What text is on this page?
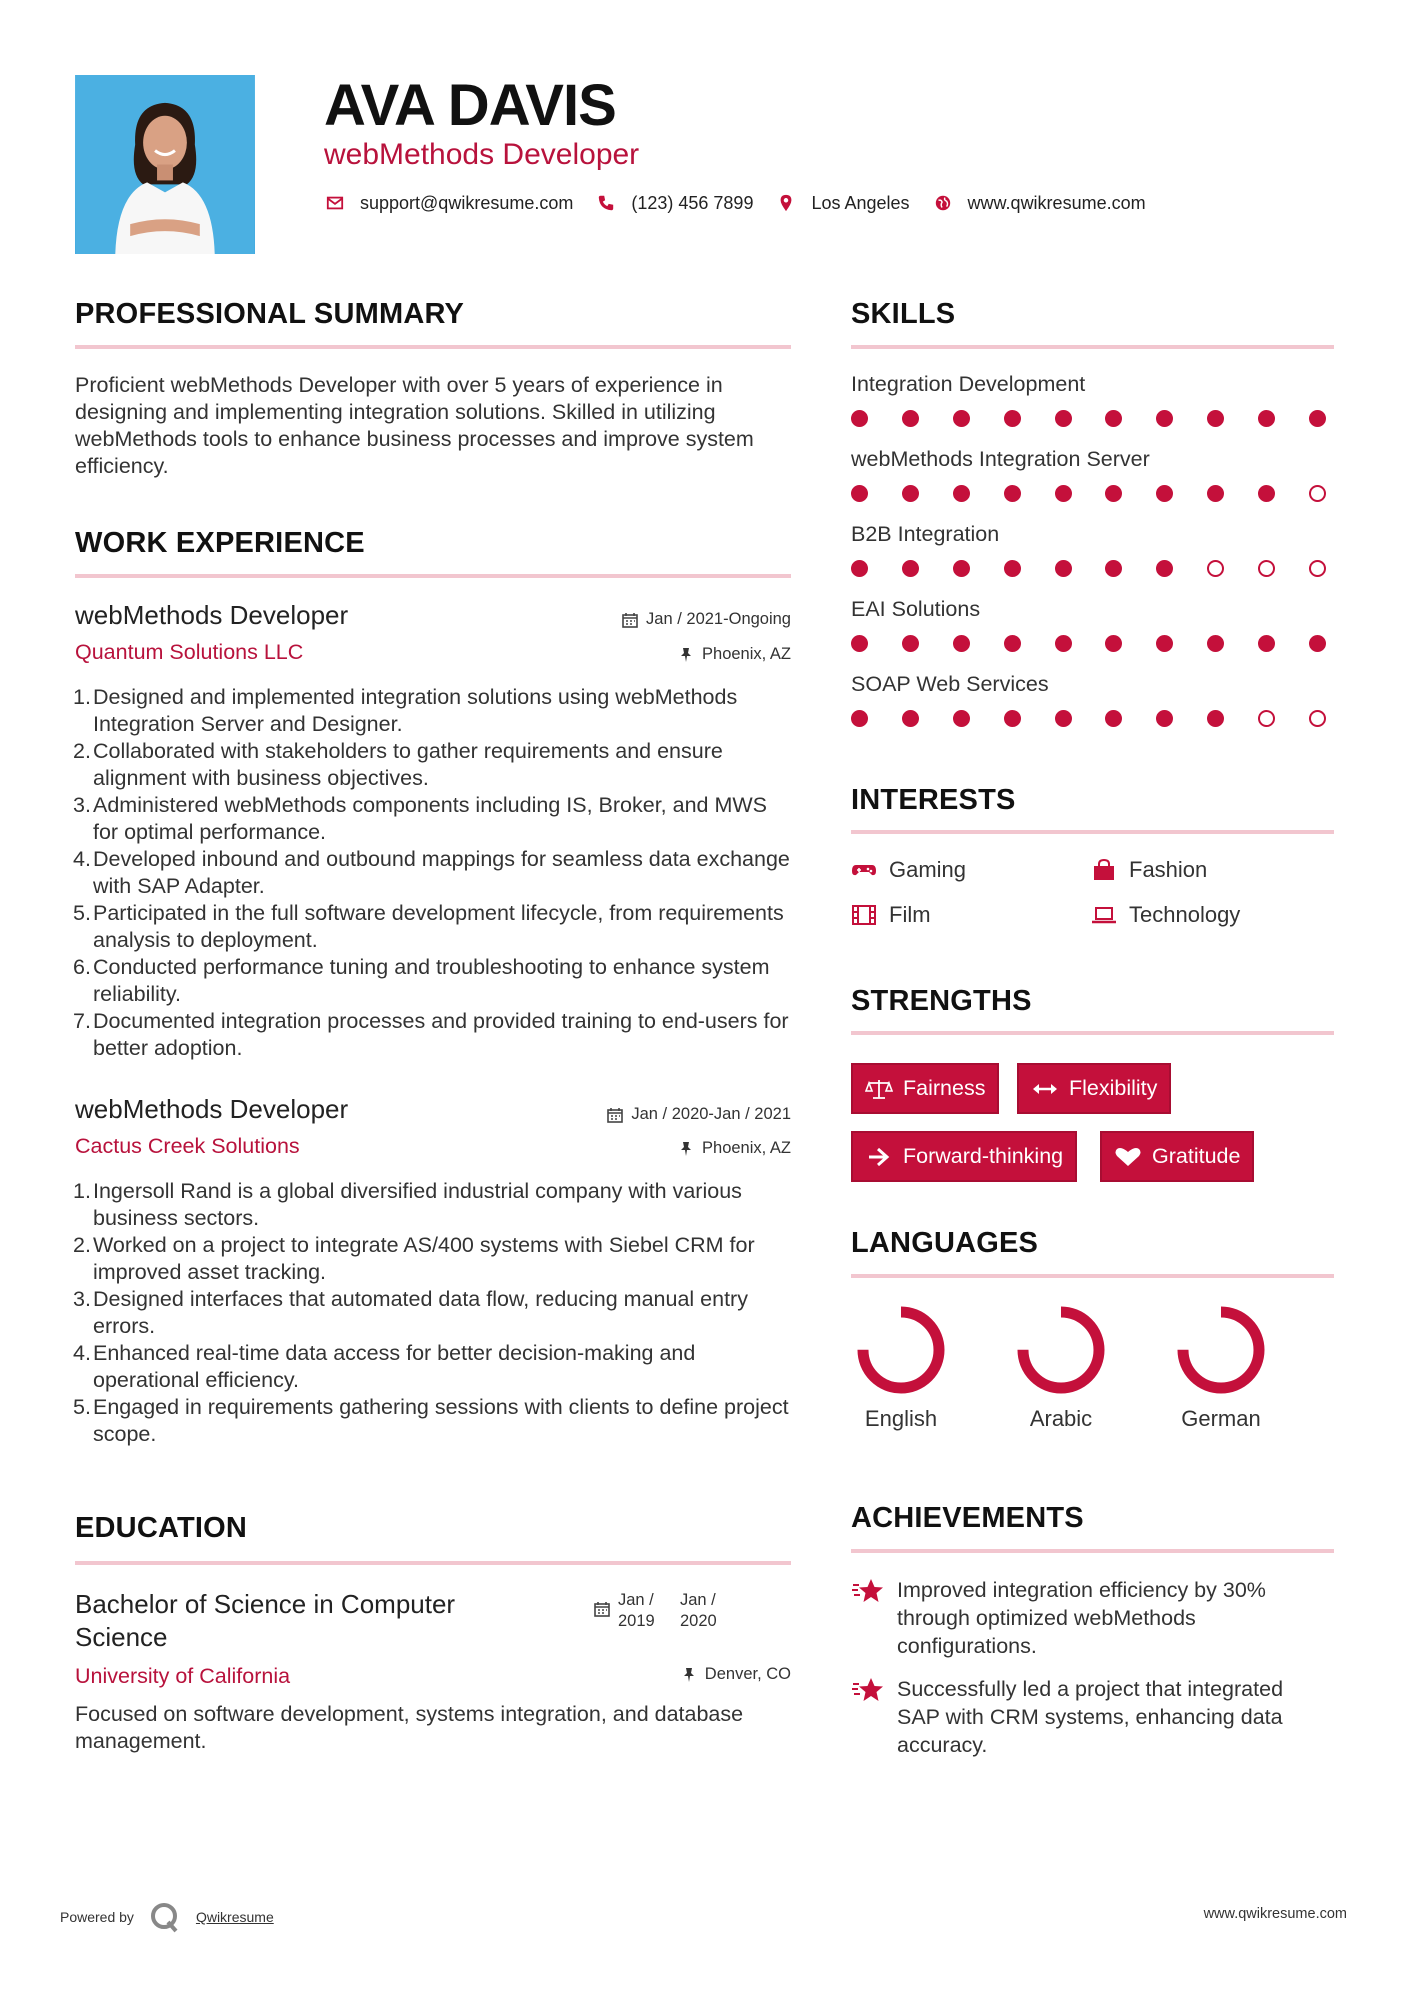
AVA DAVIS
webMethods Developer
support@qwikresume.com	(123) 456 7899	Los Angeles	www.qwikresume.com
PROFESSIONAL SUMMARY
Proficient webMethods Developer with over 5 years of experience in designing and implementing integration solutions. Skilled in utilizing webMethods tools to enhance business processes and improve system efficiency.
WORK EXPERIENCE
webMethods Developer	Jan / 2021-Ongoing
Quantum Solutions LLC	Phoenix, AZ
Designed and implemented integration solutions using webMethods Integration Server and Designer.
Collaborated with stakeholders to gather requirements and ensure alignment with business objectives.
Administered webMethods components including IS, Broker, and MWS for optimal performance.
Developed inbound and outbound mappings for seamless data exchange with SAP Adapter.
Participated in the full software development lifecycle, from requirements analysis to deployment.
Conducted performance tuning and troubleshooting to enhance system reliability.
Documented integration processes and provided training to end-users for better adoption.
webMethods Developer	Jan / 2020-Jan / 2021
Cactus Creek Solutions	Phoenix, AZ
Ingersoll Rand is a global diversified industrial company with various business sectors.
Worked on a project to integrate AS/400 systems with Siebel CRM for improved asset tracking.
Designed interfaces that automated data flow, reducing manual entry errors.
Enhanced real-time data access for better decision-making and operational efficiency.
Engaged in requirements gathering sessions with clients to define project scope.
EDUCATION
Bachelor of Science in Computer Science
Jan / 2019
Jan / 2020
University of California	Denver, CO
Focused on software development, systems integration, and database management.
SKILLS
Integration Development
webMethods Integration Server
B2B Integration
EAI Solutions
SOAP Web Services
INTERESTS
Gaming	Fashion
Film	Technology
STRENGTHS
Fairness	Flexibility
Forward-thinking	Gratitude
LANGUAGES
English	Arabic	German
ACHIEVEMENTS
Improved integration efficiency by 30% through optimized webMethods configurations.
Successfully led a project that integrated SAP with CRM systems, enhancing data accuracy.
Powered by	Qwikresume	www.qwikresume.com
